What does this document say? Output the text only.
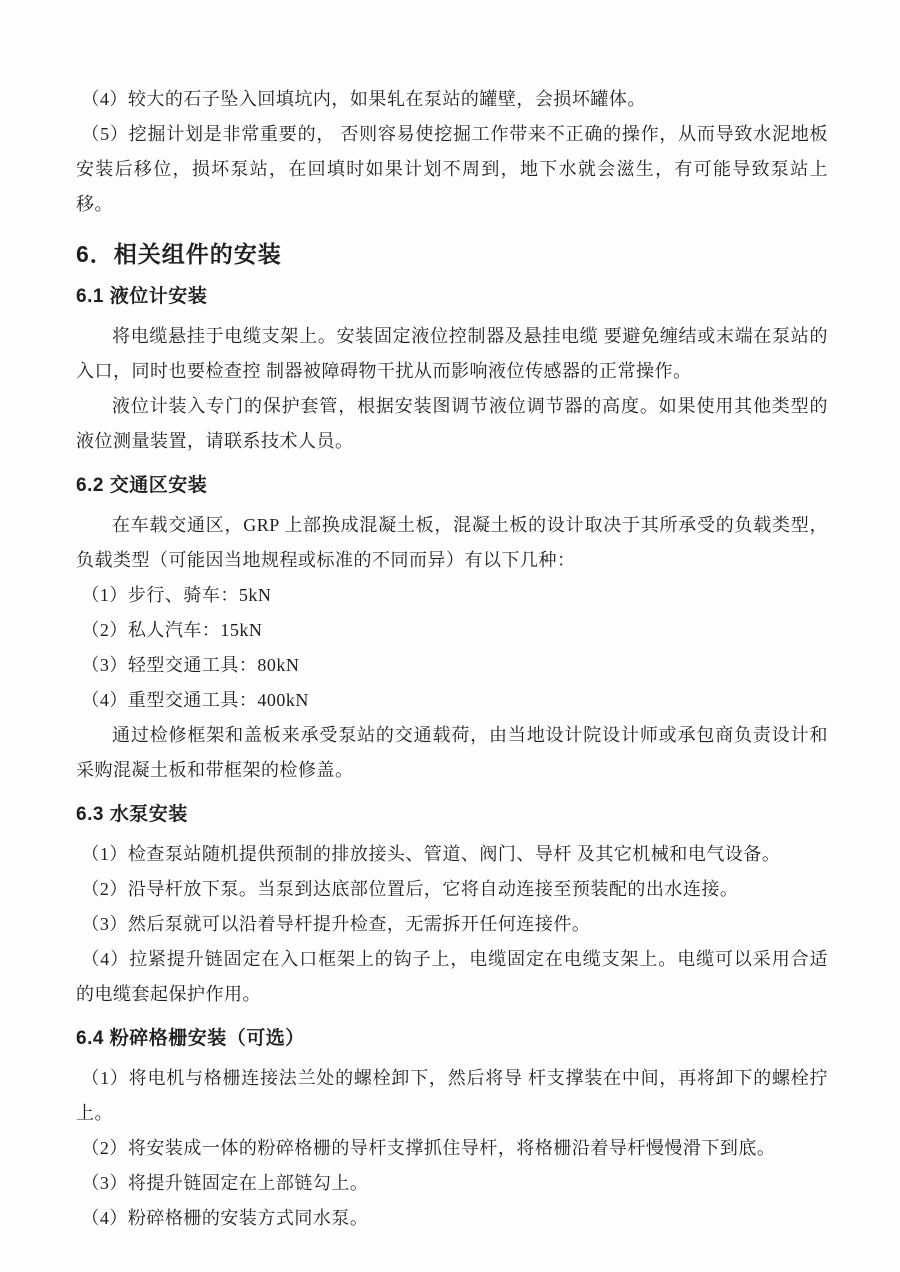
（4）较大的石子坠入回填坑内，如果轧在泵站的罐壁，会损坏罐体。

（5）挖掘计划是非常重要的， 否则容易使挖掘工作带来不正确的操作，从而导致水泥地板安装后移位，损坏泵站，在回填时如果计划不周到，地下水就会滋生，有可能导致泵站上移。

6．相关组件的安装
6.1 液位计安装

将电缆悬挂于电缆支架上。安装固定液位控制器及悬挂电缆 要避免缠结或末端在泵站的入口，同时也要检查控 制器被障碍物干扰从而影响液位传感器的正常操作。

液位计装入专门的保护套管，根据安装图调节液位调节器的高度。如果使用其他类型的液位测量装置，请联系技术人员。

6.2 交通区安装

在车载交通区，GRP 上部换成混凝土板，混凝土板的设计取决于其所承受的负载类型， 负载类型（可能因当地规程或标准的不同而异）有以下几种：

（1）步行、骑车：5kN

（2）私人汽车：15kN

（3）轻型交通工具：80kN

（4）重型交通工具：400kN

通过检修框架和盖板来承受泵站的交通载荷，由当地设计院设计师或承包商负责设计和采购混凝土板和带框架的检修盖。

6.3 水泵安装

（1）检查泵站随机提供预制的排放接头、管道、阀门、导杆 及其它机械和电气设备。

（2）沿导杆放下泵。当泵到达底部位置后，它将自动连接至预装配的出水连接。

（3）然后泵就可以沿着导杆提升检查，无需拆开任何连接件。

（4）拉紧提升链固定在入口框架上的钩子上，电缆固定在电缆支架上。电缆可以采用合适的电缆套起保护作用。

6.4 粉碎格栅安装（可选）

（1）将电机与格栅连接法兰处的螺栓卸下，然后将导 杆支撑装在中间，再将卸下的螺栓拧上。

（2）将安装成一体的粉碎格栅的导杆支撑抓住导杆，将格栅沿着导杆慢慢滑下到底。

（3）将提升链固定在上部链勾上。

（4）粉碎格栅的安装方式同水泵。
